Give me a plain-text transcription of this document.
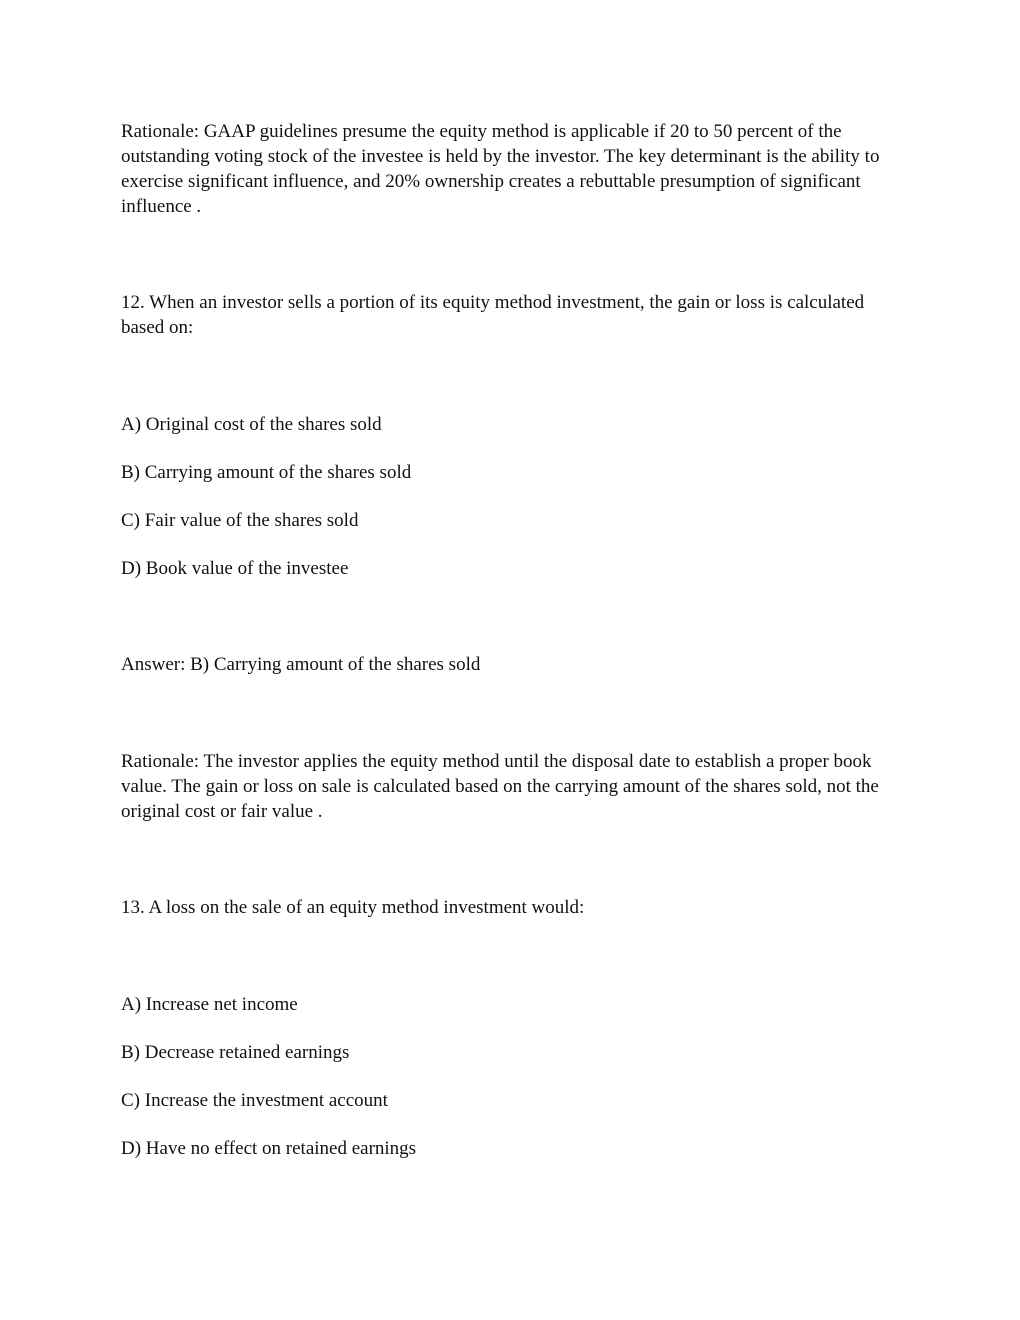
Rationale: GAAP guidelines presume the equity method is applicable if 20 to 50 percent of the outstanding voting stock of the investee is held by the investor. The key determinant is the ability to exercise significant influence, and 20% ownership creates a rebuttable presumption of significant influence .

12. When an investor sells a portion of its equity method investment, the gain or loss is calculated based on:

A) Original cost of the shares sold

B) Carrying amount of the shares sold

C) Fair value of the shares sold

D) Book value of the investee

Answer: B) Carrying amount of the shares sold

Rationale: The investor applies the equity method until the disposal date to establish a proper book value. The gain or loss on sale is calculated based on the carrying amount of the shares sold, not the original cost or fair value .

13. A loss on the sale of an equity method investment would:

A) Increase net income

B) Decrease retained earnings

C) Increase the investment account

D) Have no effect on retained earnings
